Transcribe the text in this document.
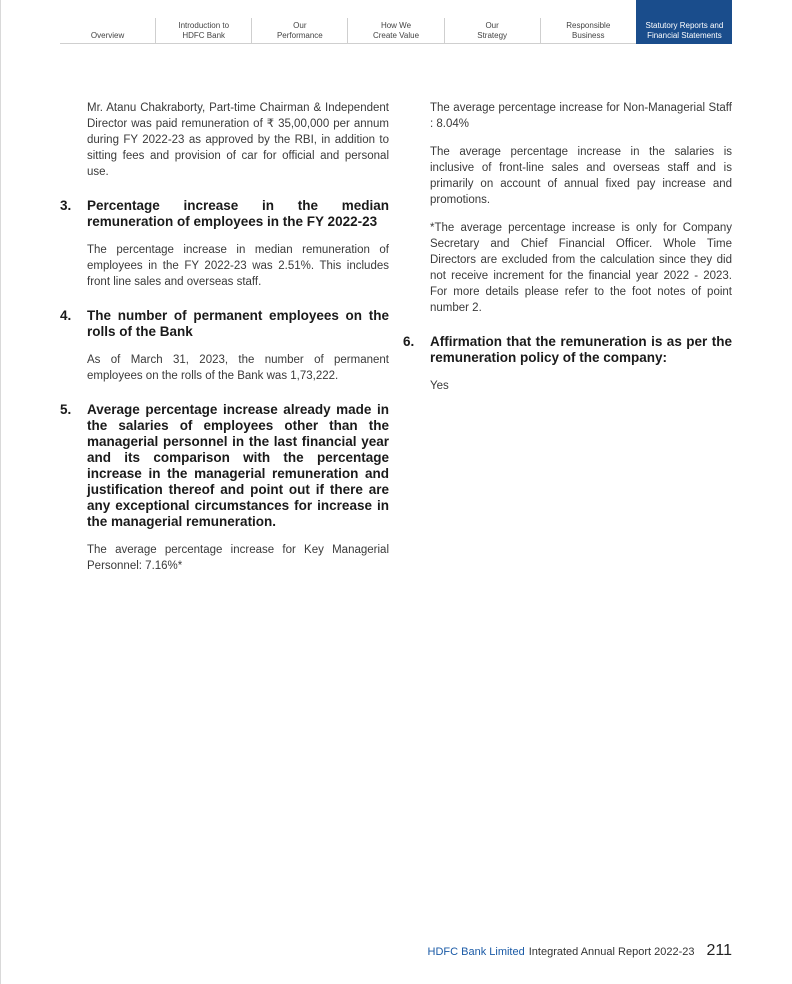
Overview
Introduction to
HDFC Bank
Our
Performance
How We
Create Value
Our
Strategy
Responsible
Business
Statutory Reports and
Financial Statements

Mr. Atanu Chakraborty, Part-time Chairman & Independent Director was paid remuneration of ₹ 35,00,000 per annum during FY 2022-23 as approved by the RBI, in addition to sitting fees and provision of car for official and personal use.

3.	Percentage increase in the median remuneration of employees in the FY 2022-23

The percentage increase in median remuneration of employees in the FY 2022-23 was 2.51%. This includes front line sales and overseas staff.

4.	The number of permanent employees on the rolls of the Bank

As of March 31, 2023, the number of permanent employees on the rolls of the Bank was 1,73,222.

5.	Average percentage increase already made in the salaries of employees other than the managerial personnel in the last financial year and its comparison with the percentage increase in the managerial remuneration and justification thereof and point out if there are any exceptional circumstances for increase in the managerial remuneration.

The average percentage increase for Key Managerial Personnel: 7.16%*

The average percentage increase for Non-Managerial Staff : 8.04%

The average percentage increase in the salaries is inclusive of front-line sales and overseas staff and is primarily on account of annual fixed pay increase and promotions.

*The average percentage increase is only for Company Secretary and Chief Financial Officer. Whole Time Directors are excluded from the calculation since they did not receive increment for the financial year 2022 - 2023. For more details please refer to the foot notes of point number 2.

6.	Affirmation that the remuneration is as per the remuneration policy of the company:

Yes

HDFC Bank Limited Integrated Annual Report 2022-23 211
